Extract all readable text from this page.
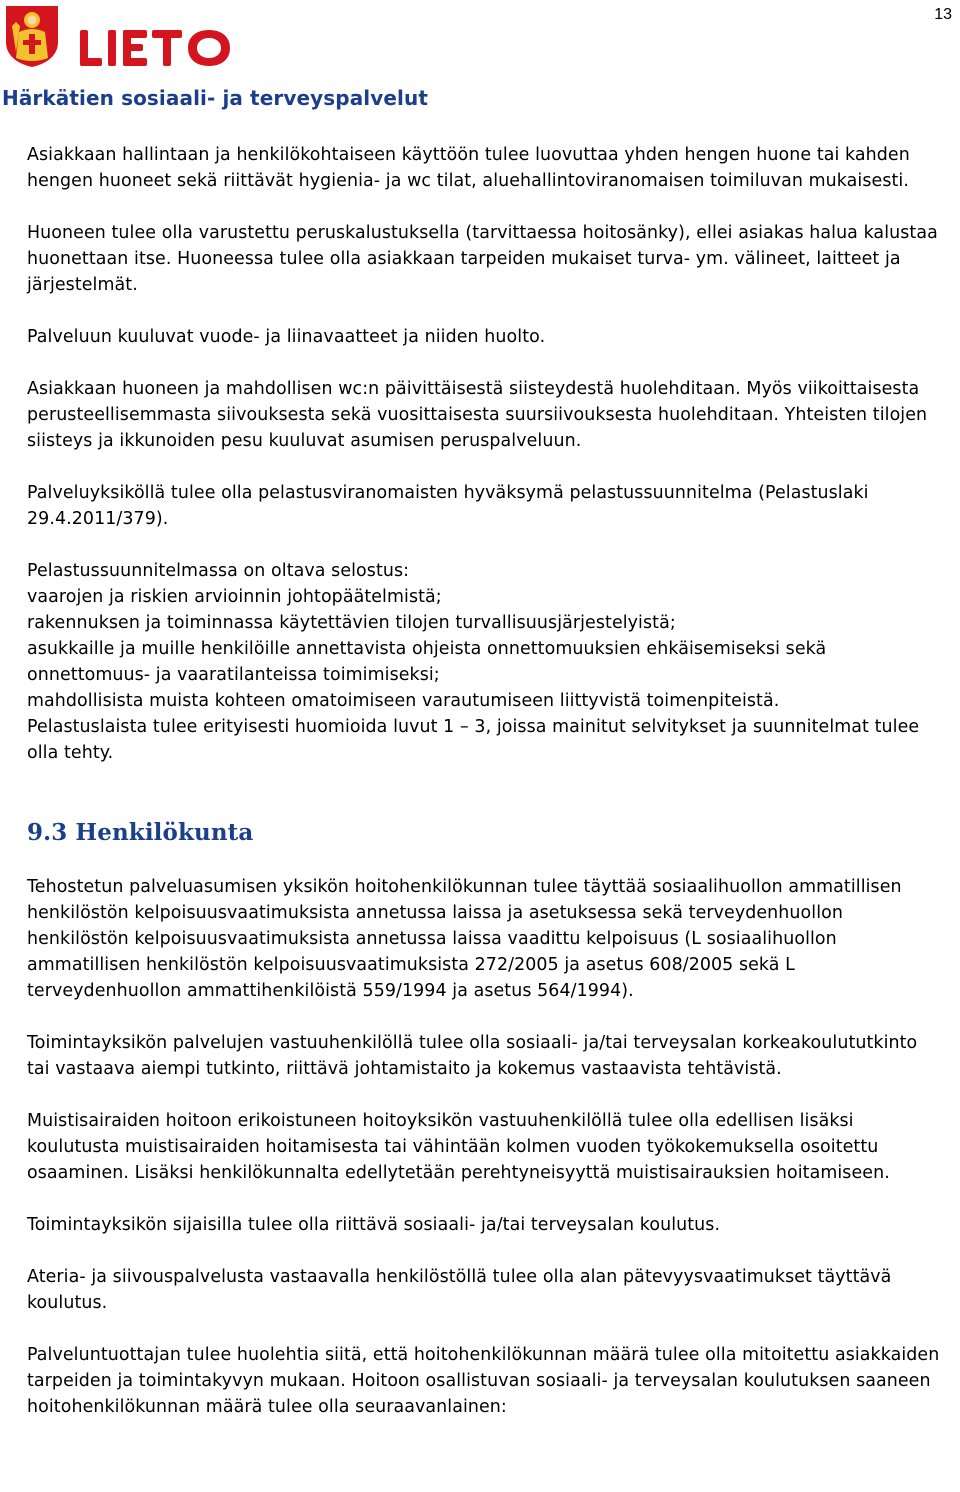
13
Härkätien sosiaali- ja terveyspalvelut

Asiakkaan hallintaan ja henkilökohtaiseen käyttöön tulee luovuttaa yhden hengen huone tai kahden hengen huoneet sekä riittävät hygienia- ja wc tilat, aluehallintoviranomaisen toimiluvan mukaisesti.

Huoneen tulee olla varustettu peruskalustuksella (tarvittaessa hoitosänky), ellei asiakas halua kalustaa huonettaan itse. Huoneessa tulee olla asiakkaan tarpeiden mukaiset turva- ym. välineet, laitteet ja järjestelmät.

Palveluun kuuluvat vuode- ja liinavaatteet ja niiden huolto.

Asiakkaan huoneen ja mahdollisen wc:n päivittäisestä siisteydestä huolehditaan. Myös viikoittaisesta perusteellisemmasta siivouksesta sekä vuosittaisesta suursiivouksesta huolehditaan. Yhteisten tilojen siisteys ja ikkunoiden pesu kuuluvat asumisen peruspalveluun.

Palveluyksiköllä tulee olla pelastusviranomaisten hyväksymä pelastussuunnitelma (Pelastuslaki 29.4.2011/379).

Pelastussuunnitelmassa on oltava selostus:

vaarojen ja riskien arvioinnin johtopäätelmistä;

rakennuksen ja toiminnassa käytettävien tilojen turvallisuusjärjestelyistä;

asukkaille ja muille henkilöille annettavista ohjeista onnettomuuksien ehkäisemiseksi sekä onnettomuus- ja vaaratilanteissa toimimiseksi;

mahdollisista muista kohteen omatoimiseen varautumiseen liittyvistä toimenpiteistä.

Pelastuslaista tulee erityisesti huomioida luvut 1 – 3, joissa mainitut selvitykset ja suunnitelmat tulee olla tehty.

9.3 Henkilökunta

Tehostetun palveluasumisen yksikön hoitohenkilökunnan tulee täyttää sosiaalihuollon ammatillisen henkilöstön kelpoisuusvaatimuksista annetussa laissa ja asetuksessa sekä terveydenhuollon henkilöstön kelpoisuusvaatimuksista annetussa laissa vaadittu kelpoisuus (L sosiaalihuollon ammatillisen henkilöstön kelpoisuusvaatimuksista 272/2005 ja asetus 608/2005 sekä L terveydenhuollon ammattihenkilöistä 559/1994 ja asetus 564/1994).

Toimintayksikön palvelujen vastuuhenkilöllä tulee olla sosiaali- ja/tai terveysalan korkeakoulututkinto tai vastaava aiempi tutkinto, riittävä johtamistaito ja kokemus vastaavista tehtävistä.

Muistisairaiden hoitoon erikoistuneen hoitoyksikön vastuuhenkilöllä tulee olla edellisen lisäksi koulutusta muistisairaiden hoitamisesta tai vähintään kolmen vuoden työkokemuksella osoitettu osaaminen. Lisäksi henkilökunnalta edellytetään perehtyneisyyttä muistisairauksien hoitamiseen.

Toimintayksikön sijaisilla tulee olla riittävä sosiaali- ja/tai terveysalan koulutus.

Ateria- ja siivouspalvelusta vastaavalla henkilöstöllä tulee olla alan pätevyysvaatimukset täyttävä koulutus.

Palveluntuottajan tulee huolehtia siitä, että hoitohenkilökunnan määrä tulee olla mitoitettu asiakkaiden tarpeiden ja toimintakyvyn mukaan. Hoitoon osallistuvan sosiaali- ja terveysalan koulutuksen saaneen hoitohenkilökunnan määrä tulee olla seuraavanlainen:
